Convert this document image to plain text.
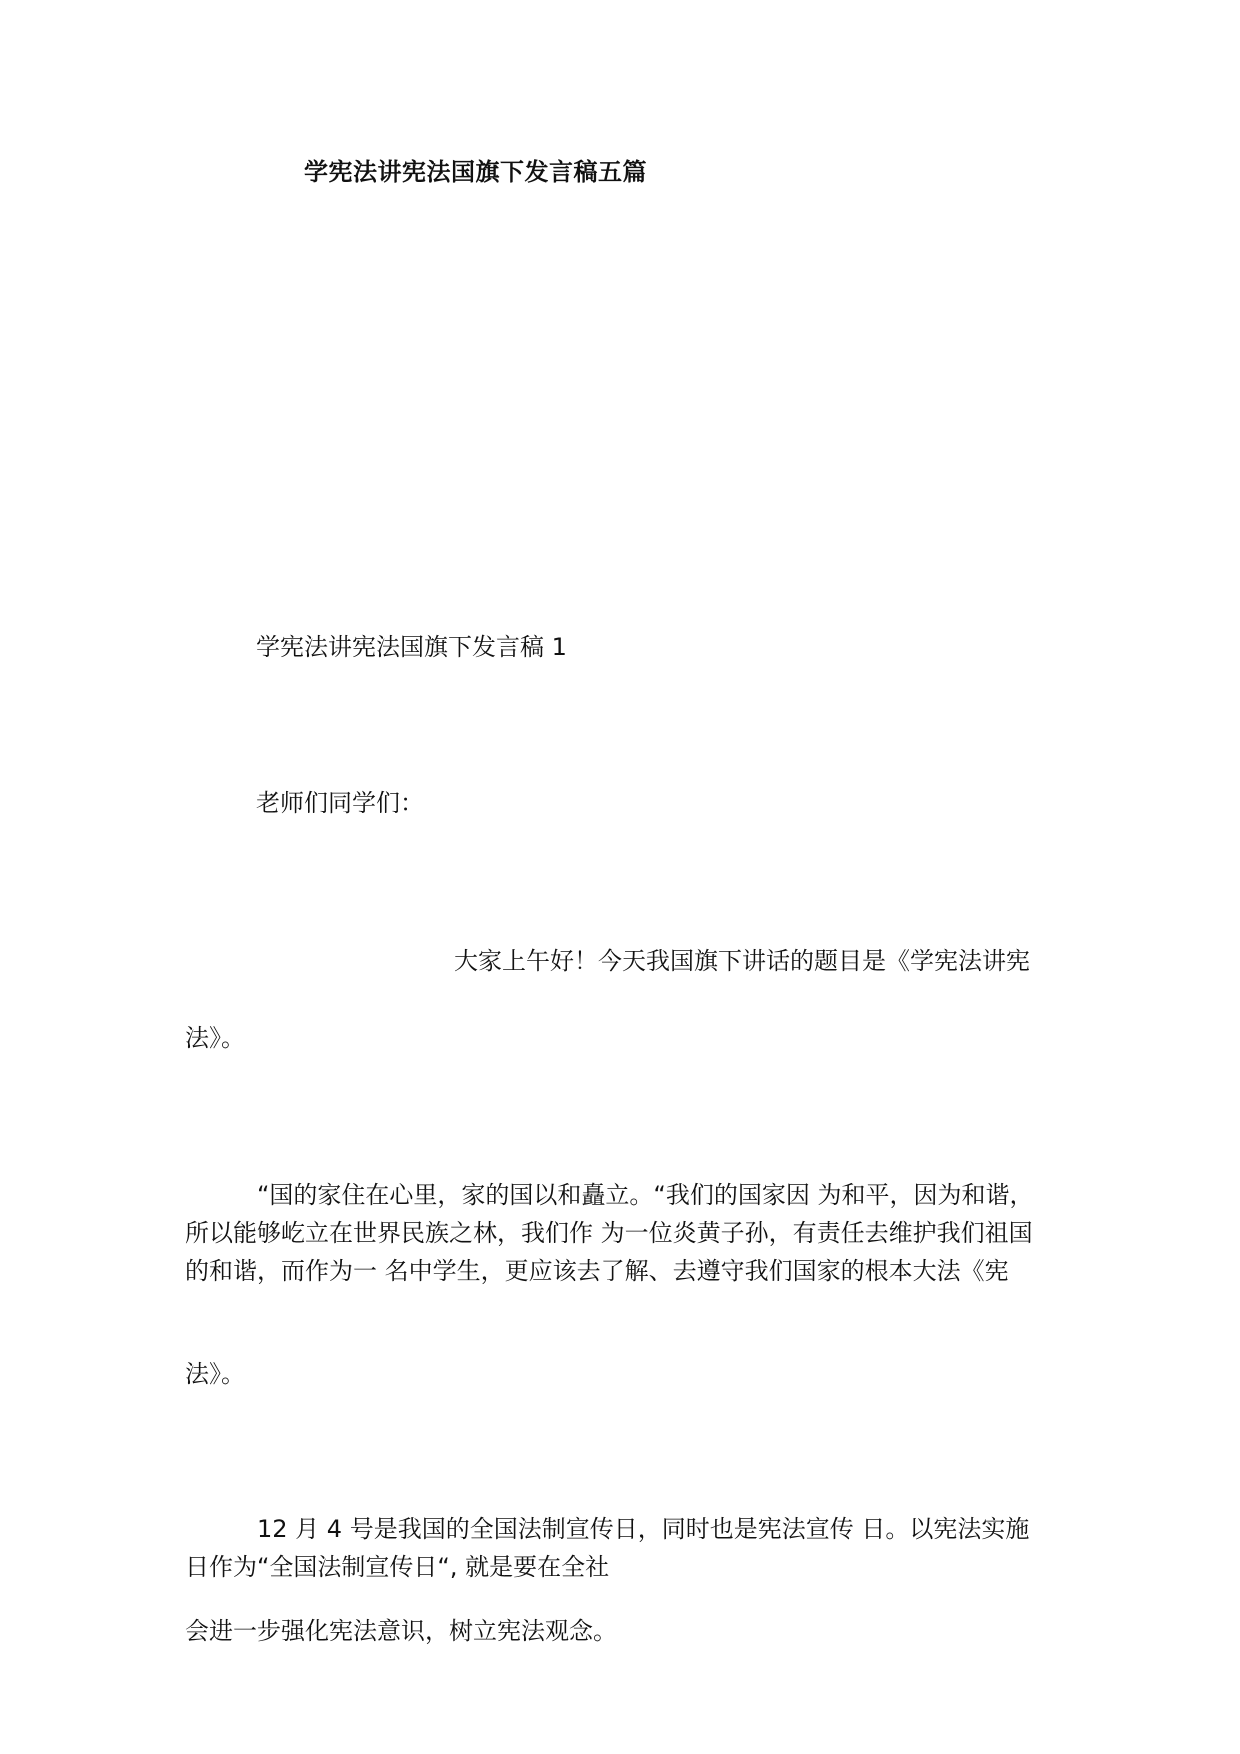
学宪法讲宪法国旗下发言稿五篇
学宪法讲宪法国旗下发言稿 1
老师们同学们：
大家上午好！今天我国旗下讲话的题目是《学宪法讲宪
法》。
“国的家住在心里，家的国以和矗立。“我们的国家因 为和平，因为和谐，所以能够屹立在世界民族之林，我们作 为一位炎黄子孙，有责任去维护我们祖国的和谐，而作为一 名中学生，更应该去了解、去遵守我们国家的根本大法《宪
法》。
12 月 4 号是我国的全国法制宣传日，同时也是宪法宣传 日。以宪法实施日作为“全国法制宣传日“, 就是要在全社
会进一步强化宪法意识，树立宪法观念。
